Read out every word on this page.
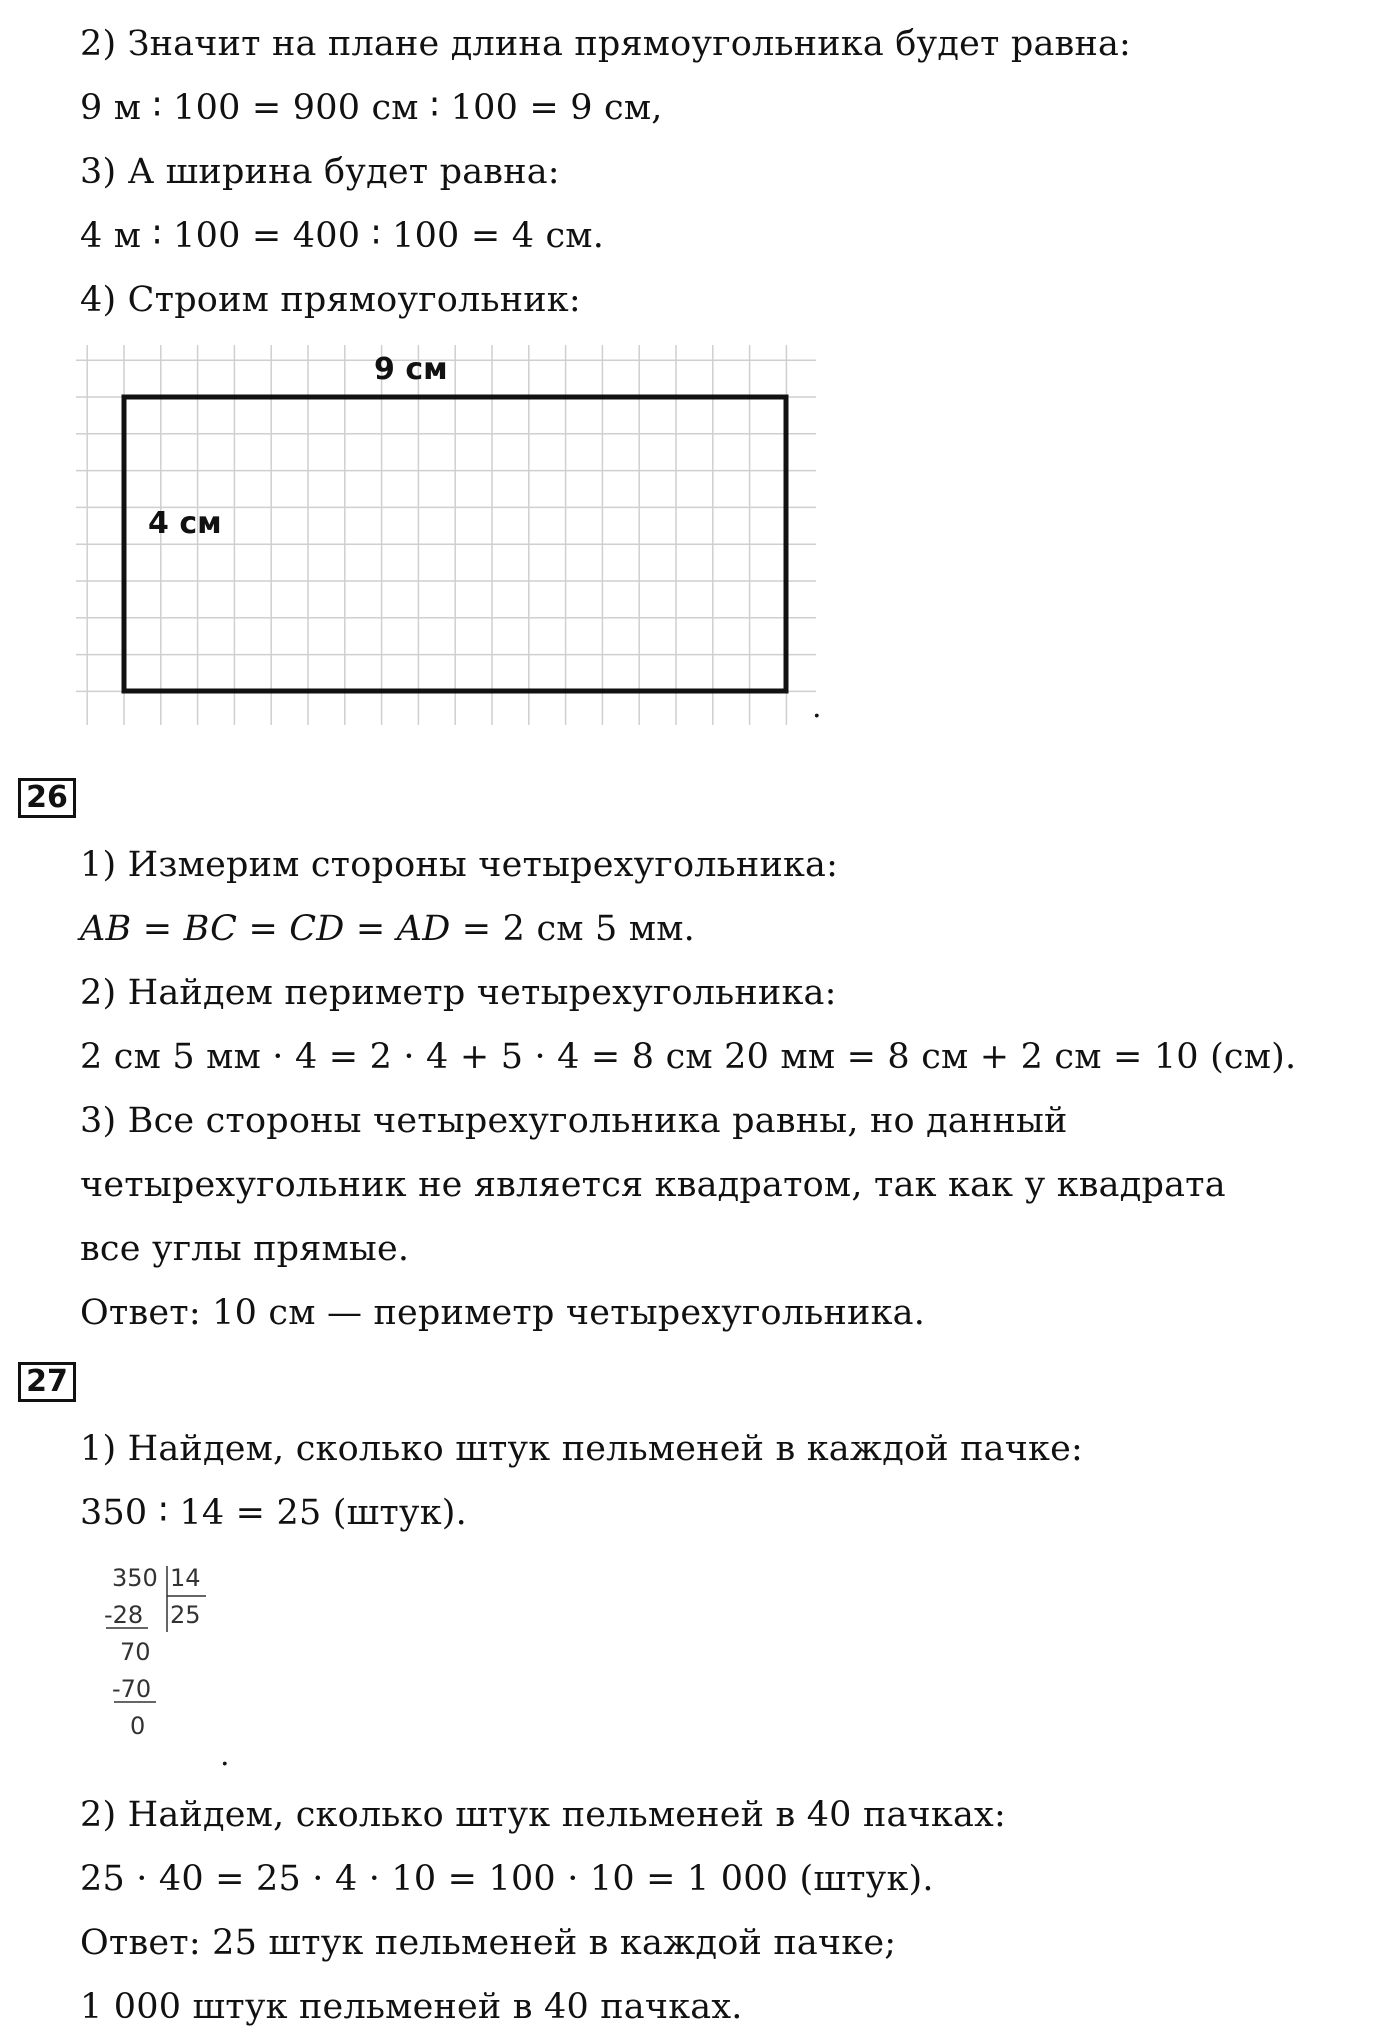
2) Значит на плане длина прямоугольника будет равна:
9 м ∶ 100 = 900 см ∶ 100 = 9 см,
3) А ширина будет равна:
4 м ∶ 100 = 400 ∶ 100 = 4 см.
4) Строим прямоугольник:
9 см
4 см
.
26
1) Измерим стороны четырехугольника:
AB = BC = CD = AD = 2 см 5 мм.
2) Найдем периметр четырехугольника:
2 см 5 мм · 4 = 2 · 4 + 5 · 4 = 8 см 20 мм = 8 см + 2 см = 10 (см).
3) Все стороны четырехугольника равны, но данный
четырехугольник не является квадратом, так как у квадрата
все углы прямые.
Ответ: 10 см — периметр четырехугольника.
27
1) Найдем, сколько штук пельменей в каждой пачке:
350 ∶ 14 = 25 (штук).
350 14
25
-28
70
-70
0
.
2) Найдем, сколько штук пельменей в 40 пачках:
25 · 40 = 25 · 4 · 10 = 100 · 10 = 1 000 (штук).
Ответ: 25 штук пельменей в каждой пачке;
1 000 штук пельменей в 40 пачках.
